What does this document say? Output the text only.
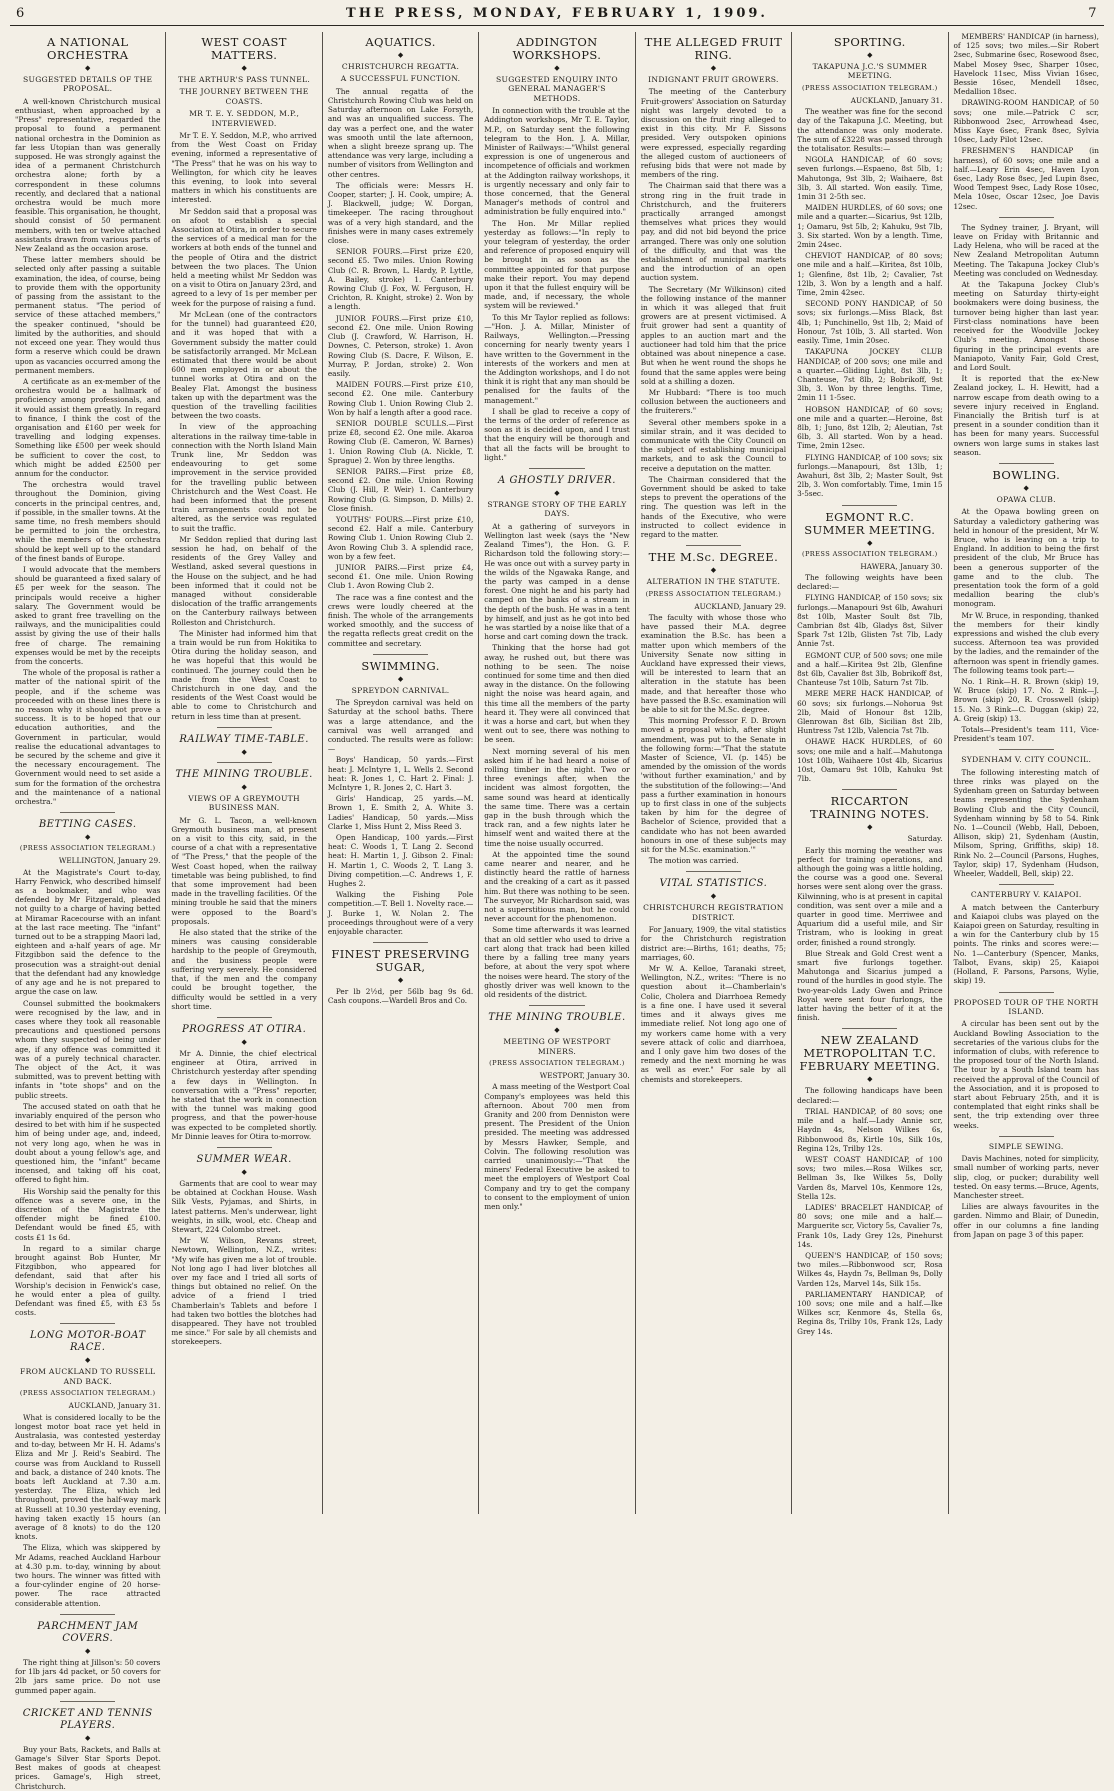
6	THE PRESS, MONDAY, FEBRUARY 1, 1909.	7
A NATIONAL ORCHESTRA
◆
SUGGESTED DETAILS OF THE PROPOSAL.

A well-known Christchurch musical enthusiast, when approached by a "Press" representative, regarded the proposal to found a permanent national orchestra in the Dominion as far less Utopian than was generally supposed. He was strongly against the idea of a permanent Christchurch orchestra alone; forth by a correspondent in these columns recently, and declared that a national orchestra would be much more feasible. This organisation, he thought, should consist of 50 permanent members, with ten or twelve attached assistants drawn from various parts of New Zealand as the occasion arose.

These latter members should be selected only after passing a suitable examination, the idea, of course, being to provide them with the opportunity of passing from the assistant to the permanent status. "The period of service of these attached members," the speaker continued, "should be limited by the authorities, and should not exceed one year. They would thus form a reserve which could be drawn upon as vacancies occurred among the permanent members.

A certificate as an ex-member of the orchestra would be a hallmark of proficiency among professionals, and it would assist them greatly. In regard to finance, I think the cost of the organisation and £160 per week for travelling and lodging expenses. Something like £500 per week should be sufficient to cover the cost, to which might be added £2500 per annum for the conductor.

The orchestra would travel throughout the Dominion, giving concerts in the principal centres, and, if possible, in the smaller towns. At the same time, no fresh members should be permitted to join the orchestra, while the members of the orchestra should be kept well up to the standard of the finest bands of Europe.

I would advocate that the members should be guaranteed a fixed salary of £5 per week for the season. The principals would receive a higher salary. The Government would be asked to grant free travelling on the railways, and the municipalities could assist by giving the use of their halls free of charge. The remaining expenses would be met by the receipts from the concerts.

The whole of the proposal is rather a matter of the national spirit of the people, and if the scheme was proceeded with on these lines there is no reason why it should not prove a success. It is to be hoped that our education authorities, and the Government in particular, would realise the educational advantages to be secured by the scheme and give it the necessary encouragement. The Government would need to set aside a sum for the formation of the orchestra and the maintenance of a national orchestra."

BETTING CASES.
◆
(PRESS ASSOCIATION TELEGRAM.)

WELLINGTON, January 29.

At the Magistrate's Court to-day, Harry Fenwick, who described himself as a bookmaker, and who was defended by Mr Fitzgerald, pleaded not guilty to a charge of having betted at Miramar Racecourse with an infant at the last race meeting. The "infant" turned out to be a strapping Maori lad, eighteen and a-half years of age. Mr Fitzgibbon said the defence to the prosecution was a straight-out denial that the defendant had any knowledge of any age and he is not prepared to argue the case on law.

Counsel submitted the bookmakers were recognised by the law, and in cases where they took all reasonable precautions and questioned persons whom they suspected of being under age, if any offence was committed it was of a purely technical character. The object of the Act, it was submitted, was to prevent betting with infants in "tote shops" and on the public streets.

The accused stated on oath that he invariably enquired of the person who desired to bet with him if he suspected him of being under age, and, indeed, not very long ago, when he was in doubt about a young fellow's age, and questioned him, the "infant" became incensed, and taking off his coat, offered to fight him.

His Worship said the penalty for this offence was a severe one, in the discretion of the Magistrate the offender might be fined £100. Defendant would be fined £5, with costs £1 1s 6d.

In regard to a similar charge brought against Bob Hunter, Mr Fitzgibbon, who appeared for defendant, said that after his Worship's decision in Fenwick's case, he would enter a plea of guilty. Defendant was fined £5, with £3 5s costs.

LONG MOTOR-BOAT RACE.
◆
FROM AUCKLAND TO RUSSELL AND BACK.
(PRESS ASSOCIATION TELEGRAM.)

AUCKLAND, January 31.

What is considered locally to be the longest motor boat race yet held in Australasia, was contested yesterday and to-day, between Mr H. H. Adams's Eliza and Mr J. Reid's Seabird. The course was from Auckland to Russell and back, a distance of 240 knots. The boats left Auckland at 7.30 a.m. yesterday. The Eliza, which led throughout, proved the half-way mark at Russell at 10.30 yesterday evening, having taken exactly 15 hours (an average of 8 knots) to do the 120 knots.

The Eliza, which was skippered by Mr Adams, reached Auckland Harbour at 4.30 p.m. to-day, winning by about two hours. The winner was fitted with a four-cylinder engine of 20 horse-power. The race attracted considerable attention.

PARCHMENT JAM COVERS.
◆

The right thing at Jillson's: 50 covers for 1lb jars 4d packet, or 50 covers for 2lb jars same price. Do not use gummed paper again.

CRICKET AND TENNIS PLAYERS.
◆

Buy your Bats, Rackets, and Balls at Gamage's Silver Star Sports Depot. Best makes of goods at cheapest prices. Gamage's, High street, Christchurch.

WEST COAST MATTERS.
◆
THE ARTHUR'S PASS TUNNEL.
THE JOURNEY BETWEEN THE COASTS.
MR T. E. Y. SEDDON, M.P., INTERVIEWED.

Mr T. E. Y. Seddon, M.P., who arrived from the West Coast on Friday evening, informed a representative of "The Press" that he was on his way to Wellington, for which city he leaves this evening, to look into several matters in which his constituents are interested.

Mr Seddon said that a proposal was on afoot to establish a special Association at Otira, in order to secure the services of a medical man for the workers at both ends of the tunnel and the people of Otira and the district between the two places. The Union held a meeting whilst Mr Seddon was on a visit to Otira on January 23rd, and agreed to a levy of 1s per member per week for the purpose of raising a fund.

Mr McLean (one of the contractors for the tunnel) had guaranteed £20, and it was hoped that with a Government subsidy the matter could be satisfactorily arranged. Mr McLean estimated that there would be about 600 men employed in or about the tunnel works at Otira and on the Bealey Flat. Amongst the business taken up with the department was the question of the travelling facilities between the two coasts.

In view of the approaching alterations in the railway time-table in connection with the North Island Main Trunk line, Mr Seddon was endeavouring to get some improvement in the service provided for the travelling public between Christchurch and the West Coast. He had been informed that the present train arrangements could not be altered, as the service was regulated to suit the traffic.

Mr Seddon replied that during last session he had, on behalf of the residents of the Grey Valley and Westland, asked several questions in the House on the subject, and he had been informed that it could not be managed without considerable dislocation of the traffic arrangements on the Canterbury railways between Rolleston and Christchurch.

The Minister had informed him that a train would be run from Hokitika to Otira during the holiday season, and he was hopeful that this would be continued. The journey could then be made from the West Coast to Christchurch in one day, and the residents of the West Coast would be able to come to Christchurch and return in less time than at present.

RAILWAY TIME-TABLE.
◆
THE MINING TROUBLE.
◆
VIEWS OF A GREYMOUTH BUSINESS MAN.

Mr G. L. Tacon, a well-known Greymouth business man, at present on a visit to this city, said, in the course of a chat with a representative of "The Press," that the people of the West Coast hoped, when the railway timetable was being published, to find that some improvement had been made in the travelling facilities. Of the mining trouble he said that the miners were opposed to the Board's proposals.

He also stated that the strike of the miners was causing considerable hardship to the people of Greymouth, and the business people were suffering very severely. He considered that, if the men and the company could be brought together, the difficulty would be settled in a very short time.

PROGRESS AT OTIRA.
◆

Mr A. Dinnie, the chief electrical engineer at Otira, arrived in Christchurch yesterday after spending a few days in Wellington. In conversation with a "Press" reporter, he stated that the work in connection with the tunnel was making good progress, and that the power-house was expected to be completed shortly. Mr Dinnie leaves for Otira to-morrow.

SUMMER WEAR.
◆

Garments that are cool to wear may be obtained at Cockhan House. Wash Silk Vests, Pyjamas, and Shirts, in latest patterns. Men's underwear, light weights, in silk, wool, etc. Cheap and Stewart, 224 Colombo street.

Mr W. Wilson, Revans street, Newtown, Wellington, N.Z., writes: "My wife has given me a lot of trouble. Not long ago I had liver blotches all over my face and I tried all sorts of things but obtained no relief. On the advice of a friend I tried Chamberlain's Tablets and before I had taken two bottles the blotches had disappeared. They have not troubled me since." For sale by all chemists and storekeepers.

AQUATICS.
◆
CHRISTCHURCH REGATTA.
A SUCCESSFUL FUNCTION.

The annual regatta of the Christchurch Rowing Club was held on Saturday afternoon on Lake Forsyth, and was an unqualified success. The day was a perfect one, and the water was smooth until the late afternoon, when a slight breeze sprang up. The attendance was very large, including a number of visitors from Wellington and other centres.

The officials were: Messrs H. Cooper, starter; J. H. Cook, umpire; A. J. Blackwell, judge; W. Dorgan, timekeeper. The racing throughout was of a very high standard, and the finishes were in many cases extremely close.

SENIOR FOURS.—First prize £20, second £5. Two miles. Union Rowing Club (C. R. Brown, L. Hardy, P. Lyttle, A. Bailey, stroke) 1. Canterbury Rowing Club (J. Fox, W. Ferguson, H. Crichton, R. Knight, stroke) 2. Won by a length.

JUNIOR FOURS.—First prize £10, second £2. One mile. Union Rowing Club (J. Crawford, W. Harrison, H. Downes, C. Peterson, stroke) 1. Avon Rowing Club (S. Dacre, F. Wilson, E. Murray, P. Jordan, stroke) 2. Won easily.

MAIDEN FOURS.—First prize £10, second £2. One mile. Canterbury Rowing Club 1. Union Rowing Club 2. Won by half a length after a good race.

SENIOR DOUBLE SCULLS.—First prize £8, second £2. One mile. Akaroa Rowing Club (E. Cameron, W. Barnes) 1. Union Rowing Club (A. Nickle, T. Sprague) 2. Won by three lengths.

SENIOR PAIRS.—First prize £8, second £2. One mile. Union Rowing Club (J. Hill, P. Weir) 1. Canterbury Rowing Club (G. Simpson, D. Mills) 2. Close finish.

YOUTHS' FOURS.—First prize £10, second £2. Half a mile. Canterbury Rowing Club 1. Union Rowing Club 2. Avon Rowing Club 3. A splendid race, won by a few feet.

JUNIOR PAIRS.—First prize £4, second £1. One mile. Union Rowing Club 1. Avon Rowing Club 2.

The race was a fine contest and the crews were loudly cheered at the finish. The whole of the arrangements worked smoothly, and the success of the regatta reflects great credit on the committee and secretary.

SWIMMING.
◆
SPREYDON CARNIVAL.

The Spreydon carnival was held on Saturday at the school baths. There was a large attendance, and the carnival was well arranged and conducted. The results were as follow:—

Boys' Handicap, 50 yards.—First heat: J. McIntyre 1, L. Wells 2. Second heat: R. Jones 1, C. Hart 2. Final: J. McIntyre 1, R. Jones 2, C. Hart 3.

Girls' Handicap, 25 yards.—M. Brown 1, E. Smith 2, A. White 3. Ladies' Handicap, 50 yards.—Miss Clarke 1, Miss Hunt 2, Miss Reed 3.

Open Handicap, 100 yards.—First heat: C. Woods 1, T. Lang 2. Second heat: H. Martin 1, J. Gibson 2. Final: H. Martin 1, C. Woods 2, T. Lang 3. Diving competition.—C. Andrews 1, F. Hughes 2.

Walking the Fishing Pole competition.—T. Bell 1. Novelty race.—J. Burke 1, W. Nolan 2. The proceedings throughout were of a very enjoyable character.

FINEST PRESERVING SUGAR,
◆

Per lb 2½d, per 56lb bag 9s 6d. Cash coupons.—Wardell Bros and Co.

ADDINGTON WORKSHOPS.
◆
SUGGESTED ENQUIRY INTO GENERAL MANAGER'S METHODS.

In connection with the trouble at the Addington workshops, Mr T. E. Taylor, M.P., on Saturday sent the following telegram to the Hon. J. A. Millar, Minister of Railways:—"Whilst general expression is one of ungenerous and incompetence of officials and workmen at the Addington railway workshops, it is urgently necessary and only fair to those concerned, that the General Manager's methods of control and administration be fully enquired into."

The Hon. Mr Millar replied yesterday as follows:—"In reply to your telegram of yesterday, the order and reference of proposed enquiry will be brought in as soon as the committee appointed for that purpose make their report. You may depend upon it that the fullest enquiry will be made, and, if necessary, the whole system will be reviewed."

To this Mr Taylor replied as follows:—"Hon. J. A. Millar, Minister of Railways, Wellington.—Pressing concerning for nearly twenty years I have written to the Government in the interests of the workers and men at the Addington workshops, and I do not think it is right that any man should be penalised for the faults of the management."

I shall be glad to receive a copy of the terms of the order of reference as soon as it is decided upon, and I trust that the enquiry will be thorough and that all the facts will be brought to light."

A GHOSTLY DRIVER.
◆
STRANGE STORY OF THE EARLY DAYS.

At a gathering of surveyors in Wellington last week (says the "New Zealand Times"), the Hon. G. F. Richardson told the following story:—He was once out with a survey party in the wilds of the Ngawaka Range, and the party was camped in a dense forest. One night he and his party had camped on the banks of a stream in the depth of the bush. He was in a tent by himself, and just as he got into bed he was startled by a noise like that of a horse and cart coming down the track.

Thinking that the horse had got away, he rushed out, but there was nothing to be seen. The noise continued for some time and then died away in the distance. On the following night the noise was heard again, and this time all the members of the party heard it. They were all convinced that it was a horse and cart, but when they went out to see, there was nothing to be seen.

Next morning several of his men asked him if he had heard a noise of rolling timber in the night. Two or three evenings after, when the incident was almost forgotten, the same sound was heard at identically the same time. There was a certain gap in the bush through which the track ran, and a few nights later he himself went and waited there at the time the noise usually occurred.

At the appointed time the sound came nearer and nearer, and he distinctly heard the rattle of harness and the creaking of a cart as it passed him. But there was nothing to be seen. The surveyor, Mr Richardson said, was not a superstitious man, but he could never account for the phenomenon.

Some time afterwards it was learned that an old settler who used to drive a cart along that track had been killed there by a falling tree many years before, at about the very spot where the noises were heard. The story of the ghostly driver was well known to the old residents of the district.

THE MINING TROUBLE.
◆
MEETING OF WESTPORT MINERS.
(PRESS ASSOCIATION TELEGRAM.)

WESTPORT, January 30.

A mass meeting of the Westport Coal Company's employees was held this afternoon. About 700 men from Granity and 200 from Denniston were present. The President of the Union presided. The meeting was addressed by Messrs Hawker, Semple, and Colvin. The following resolution was carried unanimously:—"That the miners' Federal Executive be asked to meet the employers of Westport Coal Company and try to get the company to consent to the employment of union men only."

THE ALLEGED FRUIT RING.
◆
INDIGNANT FRUIT GROWERS.

The meeting of the Canterbury Fruit-growers' Association on Saturday night was largely devoted to a discussion on the fruit ring alleged to exist in this city. Mr F. Sissons presided. Very outspoken opinions were expressed, especially regarding the alleged custom of auctioneers of refusing bids that were not made by members of the ring.

The Chairman said that there was a strong ring in the fruit trade in Christchurch, and the fruiterers practically arranged amongst themselves what prices they would pay, and did not bid beyond the price arranged. There was only one solution of the difficulty, and that was the establishment of municipal markets and the introduction of an open auction system.

The Secretary (Mr Wilkinson) cited the following instance of the manner in which it was alleged that fruit growers are at present victimised. A fruit grower had sent a quantity of apples to an auction mart and the auctioneer had told him that the price obtained was about ninepence a case. But when he went round the shops he found that the same apples were being sold at a shilling a dozen.

Mr Hubbard: "There is too much collusion between the auctioneers and the fruiterers."

Several other members spoke in a similar strain, and it was decided to communicate with the City Council on the subject of establishing municipal markets, and to ask the Council to receive a deputation on the matter.

The Chairman considered that the Government should be asked to take steps to prevent the operations of the ring. The question was left in the hands of the Executive, who were instructed to collect evidence in regard to the matter.

THE M.Sc. DEGREE.
◆
ALTERATION IN THE STATUTE.
(PRESS ASSOCIATION TELEGRAM.)

AUCKLAND, January 29.

The faculty with whose those who have passed their M.A. degree examination the B.Sc. has been a matter upon which members of the University Senate now sitting in Auckland have expressed their views, will be interested to learn that an alteration in the statute has been made, and that hereafter those who have passed the B.Sc. examination will be able to sit for the M.Sc. degree.

This morning Professor F. D. Brown moved a proposal which, after slight amendment, was put to the Senate in the following form:—"That the statute Master of Science, VI. (p. 145) be amended by the omission of the words 'without further examination,' and by the substitution of the following:—'And pass a further examination in honours up to first class in one of the subjects taken by him for the degree of Bachelor of Science, provided that a candidate who has not been awarded honours in one of these subjects may sit for the M.Sc. examination.'"

The motion was carried.

VITAL STATISTICS.
◆
CHRISTCHURCH REGISTRATION DISTRICT.

For January, 1909, the vital statistics for the Christchurch registration district are:—Births, 161; deaths, 75; marriages, 60.

Mr W. A. Kelloe, Taranaki street, Wellington, N.Z., writes: "There is no question about it—Chamberlain's Colic, Cholera and Diarrhoea Remedy is a fine one. I have used it several times and it always gives me immediate relief. Not long ago one of my workers came home with a very severe attack of colic and diarrhoea, and I only gave him two doses of the remedy and the next morning he was as well as ever." For sale by all chemists and storekeepers.

SPORTING.
◆
TAKAPUNA J.C.'S SUMMER MEETING.
(PRESS ASSOCIATION TELEGRAM.)

AUCKLAND, January 31.

The weather was fine for the second day of the Takapuna J.C. Meeting, but the attendance was only moderate. The sum of £3228 was passed through the totalisator. Results:—

NGOLA HANDICAP, of 60 sovs; seven furlongs.—Espaeno, 8st 5lb, 1; Mahutonga, 9st 3lb, 2; Waihaere, 8st 3lb, 3. All started. Won easily. Time, 1min 31 2-5th sec.

MAIDEN HURDLES, of 60 sovs; one mile and a quarter.—Sicarius, 9st 12lb, 1; Oamaru, 9st 5lb, 2; Kahuku, 9st 7lb, 3. Six started. Won by a length. Time, 2min 24sec.

CHEVIOT HANDICAP, of 80 sovs; one mile and a half.—Kiritea, 8st 10lb, 1; Glenfine, 8st 1lb, 2; Cavalier, 7st 12lb, 3. Won by a length and a half. Time, 2min 42sec.

SECOND PONY HANDICAP, of 50 sovs; six furlongs.—Miss Black, 8st 4lb, 1; Punchinello, 9st 1lb, 2; Maid of Honour, 7st 10lb, 3. All started. Won easily. Time, 1min 20sec.

TAKAPUNA JOCKEY CLUB HANDICAP, of 200 sovs; one mile and a quarter.—Gliding Light, 8st 3lb, 1; Chanteuse, 7st 8lb, 2; Bobrikoff, 9st 3lb, 3. Won by three lengths. Time, 2min 11 1-5sec.

HOBSON HANDICAP, of 60 sovs; one mile and a quarter.—Heroine, 8st 8lb, 1; Juno, 8st 12lb, 2; Aleutian, 7st 6lb, 3. All started. Won by a head. Time, 2min 12sec.

FLYING HANDICAP, of 100 sovs; six furlongs.—Manapouri, 8st 13lb, 1; Awahuri, 8st 3lb, 2; Master Soult, 9st 2lb, 3. Won comfortably. Time, 1min 15 3-5sec.

EGMONT R.C. SUMMER MEETING.
◆
(PRESS ASSOCIATION TELEGRAM.)

HAWERA, January 30.

The following weights have been declared:—

FLYING HANDICAP, of 150 sovs; six furlongs.—Manapouri 9st 6lb, Awahuri 8st 10lb, Master Soult 8st 7lb, Cambrian 8st 4lb, Gladys 8st, Silver Spark 7st 12lb, Glisten 7st 7lb, Lady Annie 7st.

EGMONT CUP, of 500 sovs; one mile and a half.—Kiritea 9st 2lb, Glenfine 8st 6lb, Cavalier 8st 3lb, Bobrikoff 8st, Chanteuse 7st 10lb, Saturn 7st 7lb.

MERE MERE HACK HANDICAP, of 60 sovs; six furlongs.—Nohorua 9st 2lb, Maid of Honour 8st 12lb, Glenrowan 8st 6lb, Sicilian 8st 2lb, Huntress 7st 12lb, Valencia 7st 7lb.

OHAWE HACK HURDLES, of 60 sovs; one mile and a half.—Mahutonga 10st 10lb, Waihaere 10st 4lb, Sicarius 10st, Oamaru 9st 10lb, Kahuku 9st 7lb.

RICCARTON TRAINING NOTES.
◆

Saturday.

Early this morning the weather was perfect for training operations, and although the going was a little holding, the course was a good one. Several horses were sent along over the grass. Kilwinning, who is at present in capital condition, was sent over a mile and a quarter in good time. Merriwee and Aquarium did a useful mile, and Sir Tristram, who is looking in great order, finished a round strongly.

Blue Streak and Gold Crest went a smart five furlongs together. Mahutonga and Sicarius jumped a round of the hurdles in good style. The two-year-olds Lady Gwen and Prince Royal were sent four furlongs, the latter having the better of it at the finish.

NEW ZEALAND METROPOLITAN T.C. FEBRUARY MEETING.
◆

The following handicaps have been declared:—

TRIAL HANDICAP, of 80 sovs; one mile and a half.—Lady Annie scr, Haydn 4s, Nelson Wilkes 6s, Ribbonwood 8s, Kirtle 10s, Silk 10s, Regina 12s, Trilby 12s.

WEST COAST HANDICAP, of 100 sovs; two miles.—Rosa Wilkes scr, Bellman 3s, Ike Wilkes 5s, Dolly Varden 8s, Marvel 10s, Kenmore 12s, Stella 12s.

LADIES' BRACELET HANDICAP, of 80 sovs; one mile and a half.—Marguerite scr, Victory 5s, Cavalier 7s, Frank 10s, Lady Grey 12s, Pinehurst 14s.

QUEEN'S HANDICAP, of 150 sovs; two miles.—Ribbonwood scr, Rosa Wilkes 4s, Haydn 7s, Bellman 9s, Dolly Varden 12s, Marvel 14s, Silk 15s.

PARLIAMENTARY HANDICAP, of 100 sovs; one mile and a half.—Ike Wilkes scr, Kenmore 4s, Stella 6s, Regina 8s, Trilby 10s, Frank 12s, Lady Grey 14s.

MEMBERS' HANDICAP (in harness), of 125 sovs; two miles.—Sir Robert 2sec, Submarine 6sec, Rosewood 8sec, Mabel Mosey 9sec, Sharper 10sec, Havelock 11sec, Miss Vivian 16sec, Bessie 16sec, Mendell 18sec, Medallion 18sec.

DRAWING-ROOM HANDICAP, of 50 sovs; one mile.—Patrick C scr, Ribbonwood 2sec, Arrowhead 4sec, Miss Kaye 6sec, Frank 8sec, Sylvia 10sec, Lady Pilot 12sec.

FRESHMEN'S HANDICAP (in harness), of 60 sovs; one mile and a half.—Leary Erin 4sec, Haven Lyon 6sec, Lady Rose 8sec, Jed Lupin 8sec, Wood Tempest 9sec, Lady Rose 10sec, Mela 10sec, Oscar 12sec, Joe Davis 12sec.

The Sydney trainer, J. Bryant, will leave on Friday with Britannic and Lady Helena, who will be raced at the New Zealand Metropolitan Autumn Meeting. The Takapuna Jockey Club's Meeting was concluded on Wednesday.

At the Takapuna Jockey Club's meeting on Saturday thirty-eight bookmakers were doing business, the turnover being higher than last year. First-class nominations have been received for the Woodville Jockey Club's meeting. Amongst those figuring in the principal events are Maniapoto, Vanity Fair, Gold Crest, and Lord Soult.

It is reported that the ex-New Zealand jockey, L. H. Hewitt, had a narrow escape from death owing to a severe injury received in England. Financially the British turf is at present in a sounder condition than it has been for many years. Successful owners won large sums in stakes last season.

BOWLING.
◆
OPAWA CLUB.

At the Opawa bowling green on Saturday a valedictory gathering was held in honour of the president, Mr W. Bruce, who is leaving on a trip to England. In addition to being the first president of the club, Mr Bruce has been a generous supporter of the game and to the club. The presentation took the form of a gold medallion bearing the club's monogram.

Mr W. Bruce, in responding, thanked the members for their kindly expressions and wished the club every success. Afternoon tea was provided by the ladies, and the remainder of the afternoon was spent in friendly games. The following teams took part:—

No. 1 Rink—H. R. Brown (skip) 19, W. Bruce (skip) 17. No. 2 Rink—J. Brown (skip) 20, R. Crosswell (skip) 15. No. 3 Rink—C. Duggan (skip) 22, A. Greig (skip) 13.

Totals—President's team 111, Vice-President's team 107.

SYDENHAM V. CITY COUNCIL.

The following interesting match of three rinks was played on the Sydenham green on Saturday between teams representing the Sydenham Bowling Club and the City Council, Sydenham winning by 58 to 54. Rink No. 1—Council (Webb, Hall, Deboen, Allison, skip) 21, Sydenham (Austin, Milsom, Spring, Griffiths, skip) 18. Rink No. 2—Council (Parsons, Hughes, Taylor, skip) 17, Sydenham (Hudson, Wheeler, Waddell, Bell, skip) 22.

CANTERBURY V. KAIAPOI.

A match between the Canterbury and Kaiapoi clubs was played on the Kaiapoi green on Saturday, resulting in a win for the Canterbury club by 15 points. The rinks and scores were:—No. 1—Canterbury (Spencer, Manks, Talbot, Evans, skip) 25, Kaiapoi (Holland, F. Parsons, Parsons, Wylie, skip) 19.

PROPOSED TOUR OF THE NORTH ISLAND.

A circular has been sent out by the Auckland Bowling Association to the secretaries of the various clubs for the information of clubs, with reference to the proposed tour of the North Island. The tour by a South Island team has received the approval of the Council of the Association, and it is proposed to start about February 25th, and it is contemplated that eight rinks shall be sent, the trip extending over three weeks.

SIMPLE SEWING.

Davis Machines, noted for simplicity, small number of working parts, never slip, clog, or pucker; durability well tested. On easy terms.—Bruce, Agents, Manchester street.

Lilies are always favourites in the garden. Nimmo and Blair, of Dunedin, offer in our columns a fine landing from Japan on page 3 of this paper.
